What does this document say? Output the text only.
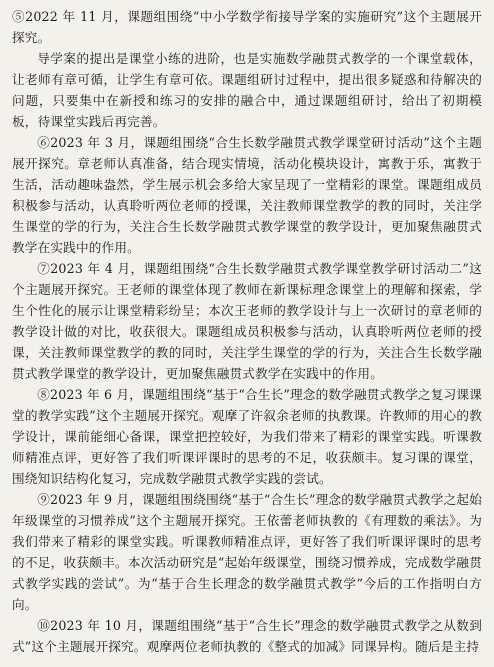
⑤2022 年 11 月，课题组围绕“中小学数学衔接导学案的实施研究”这个主题展开探究。

导学案的提出是课堂小练的进阶，也是实施数学融贯式教学的一个课堂载体，让老师有章可循，让学生有章可依。课题组研讨过程中，提出很多疑惑和待解决的问题，只要集中在新授和练习的安排的融合中，通过课题组研讨，给出了初期模板，待课堂实践后再完善。

⑥2023 年 3 月，课题组围绕“合生长数学融贯式教学课堂研讨活动”这个主题展开探究。章老师认真准备，结合现实情境，活动化模块设计，寓教于乐，寓教于生活，活动趣味盎然，学生展示机会多给大家呈现了一堂精彩的课堂。课题组成员积极参与活动，认真聆听两位老师的授课，关注教师课堂教学的教的同时，关注学生课堂的学的行为，关注合生长数学融贯式教学课堂的教学设计，更加聚焦融贯式教学在实践中的作用。

⑦2023 年 4 月，课题组围绕“合生长数学融贯式教学课堂教学研讨活动二”这个主题展开探究。王老师的课堂体现了教师在新课标理念课堂上的理解和探索，学生个性化的展示让课堂精彩纷呈；本次王老师的教学设计与上一次研讨的章老师的教学设计做的对比，收获很大。课题组成员积极参与活动，认真聆听两位老师的授课，关注教师课堂教学的教的同时，关注学生课堂的学的行为，关注合生长数学融贯式教学课堂的教学设计，更加聚焦融贯式教学在实践中的作用。

⑧2023 年 6 月，课题组围绕“基于“合生长”理念的数学融贯式教学之复习课课堂的教学实践”这个主题展开探究。观摩了许叙余老师的执教课。许教师的用心的教学设计，课前能细心备课，课堂把控较好，为我们带来了精彩的课堂实践。听课教师精准点评，更好答了我们听课评课时的思考的不足，收获颇丰。复习课的课堂，围绕知识结构化复习，完成数学融贯式教学实践的尝试。

⑨2023 年 9 月，课题组围绕围绕“基于“合生长”理念的数学融贯式教学之起始年级课堂的习惯养成”这个主题展开探究。王依蕾老师执教的《有理数的乘法》。为我们带来了精彩的课堂实践。听课教师精准点评，更好答了我们听课评课时的思考的不足，收获颇丰。本次活动研究是“起始年级课堂，围绕习惯养成，完成数学融贯式教学实践的尝试”。为“基于合生长理念的数学融贯式教学”今后的工作指明白方向。

⑩2023 年 10 月，课题组围绕“基于“合生长”理念的数学融贯式教学之从数到式”这个主题展开探究。观摩两位老师执教的《整式的加减》同课异构。随后是主持
